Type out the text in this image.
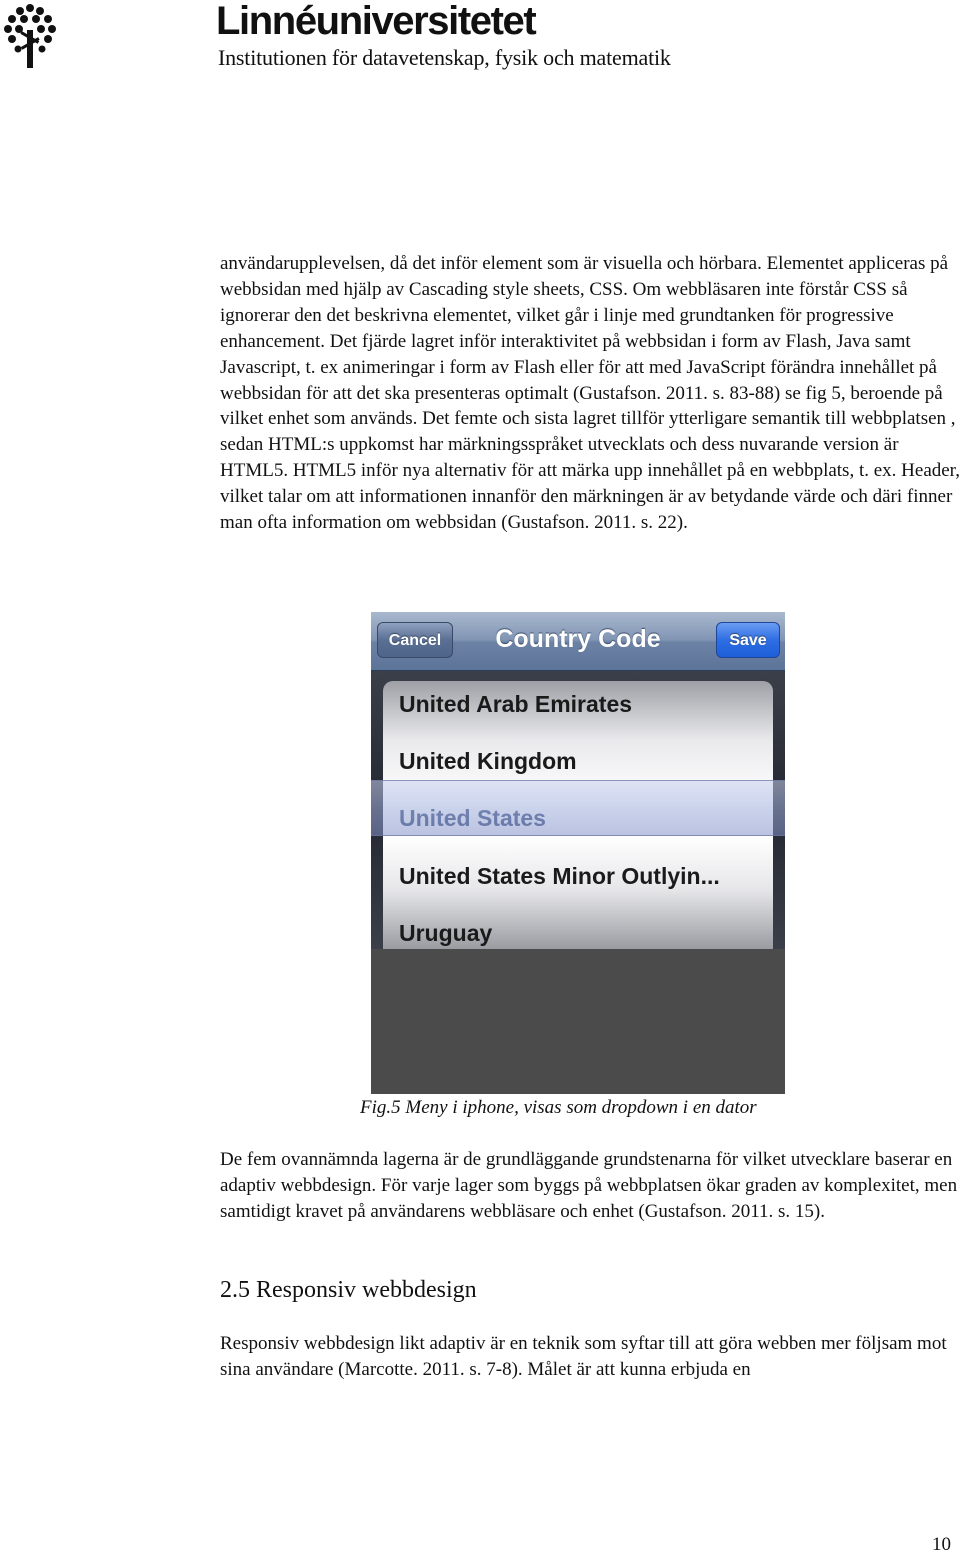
Linnéuniversitetet
Institutionen för datavetenskap, fysik och matematik

användarupplevelsen, då det inför element som är visuella och hörbara. Elementet appliceras på webbsidan med hjälp av Cascading style sheets, CSS. Om webbläsaren inte förstår CSS så ignorerar den det beskrivna elementet, vilket går i linje med grundtanken för progressive enhancement. Det fjärde lagret inför interaktivitet på webbsidan i form av Flash, Java samt Javascript, t. ex animeringar i form av Flash eller för att med JavaScript förändra innehållet på webbsidan för att det ska presenteras optimalt (Gustafson. 2011. s. 83-88) se fig 5, beroende på vilket enhet som används. Det femte och sista lagret tillför ytterligare semantik till webbplatsen , sedan HTML:s uppkomst har märkningsspråket utvecklats och dess nuvarande version är HTML5. HTML5 inför nya alternativ för att märka upp innehållet på en webbplats, t. ex. Header, vilket talar om att informationen innanför den märkningen är av betydande värde och däri finner man ofta information om webbsidan (Gustafson. 2011. s. 22).

Cancel	Country Code	Save
United Arab Emirates
United Kingdom
United States Minor Outlyin...
Uruguay
Fig.5 Meny i iphone, visas som dropdown i en dator

De fem ovannämnda lagerna är de grundläggande grundstenarna för vilket utvecklare baserar en adaptiv webbdesign. För varje lager som byggs på webbplatsen ökar graden av komplexitet, men samtidigt kravet på användarens webbläsare och enhet (Gustafson. 2011. s. 15).

2.5 Responsiv webbdesign

Responsiv webbdesign likt adaptiv är en teknik som syftar till att göra webben mer följsam mot sina användare (Marcotte. 2011. s. 7-8). Målet är att kunna erbjuda en

10
